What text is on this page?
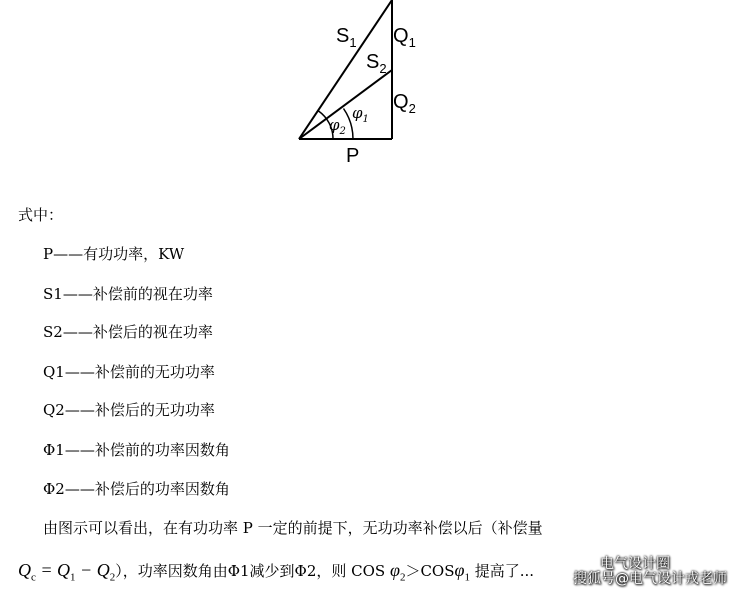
$S_1$
$S_2$
$Q_1$
$Q_2$
P
$\varphi_1$
$\varphi_2$
式中：
P——有功功率，KW
S1——补偿前的视在功率
S2——补偿后的视在功率
Q1——补偿前的无功功率
Q2——补偿后的无功功率
Φ1——补偿前的功率因数角
Φ2——补偿后的功率因数角
由图示可以看出，在有功功率 P 一定的前提下，无功功率补偿以后（补偿量
$Q_c = Q_1 - Q_2$），功率因数角由Φ1减少到Φ2，则 COS $\varphi_2>COS\varphi_1$ 提高了...	电气设计圈
搜狐号@电气设计戎老师
